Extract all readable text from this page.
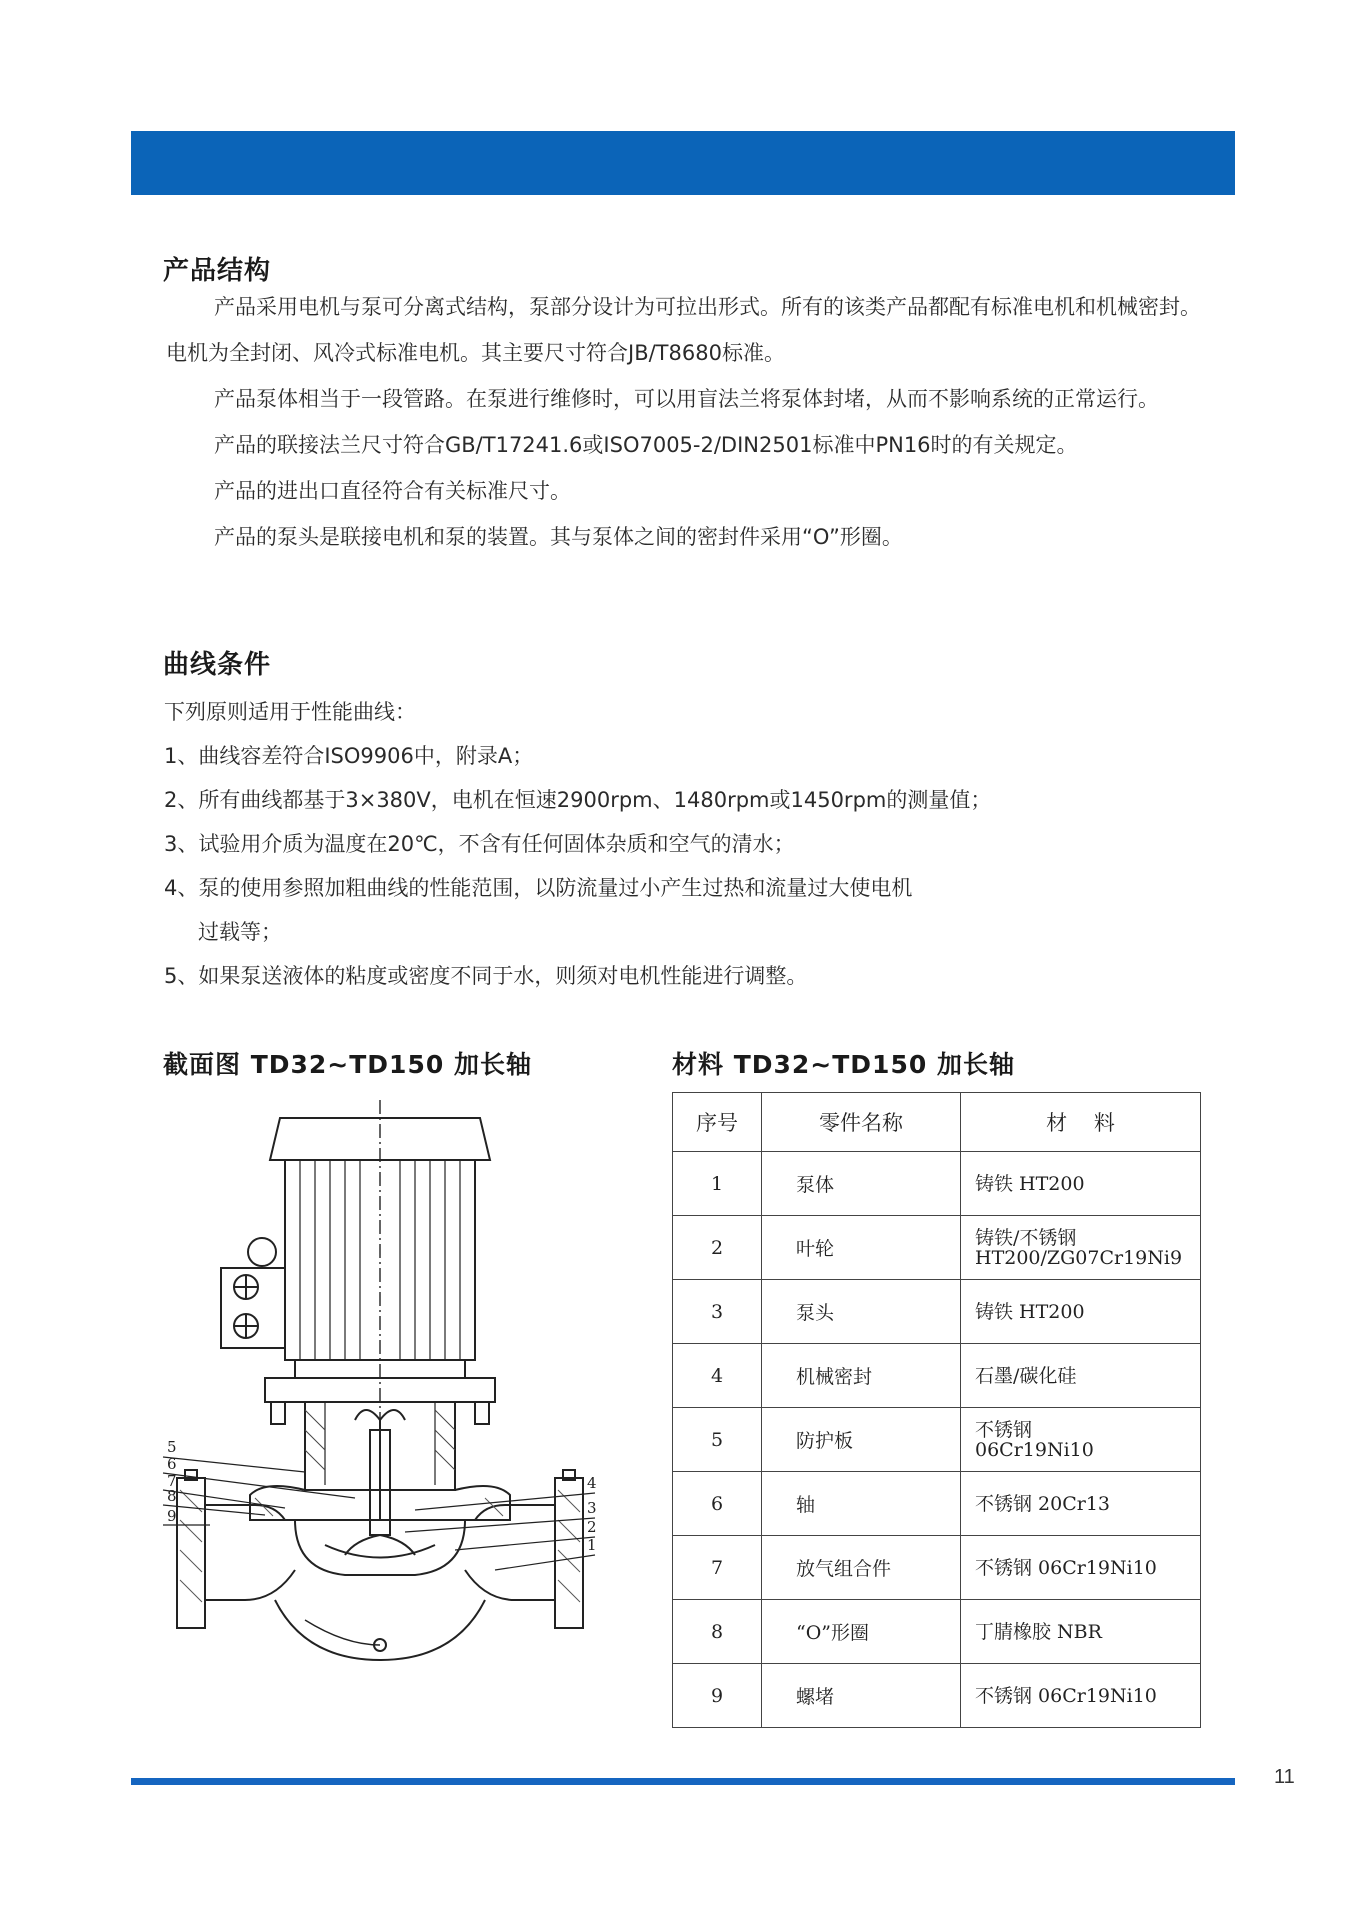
产品结构

产品采用电机与泵可分离式结构，泵部分设计为可拉出形式。所有的该类产品都配有标准电机和机械密封。电机为全封闭、风冷式标准电机。其主要尺寸符合JB/T8680标准。

产品泵体相当于一段管路。在泵进行维修时，可以用盲法兰将泵体封堵，从而不影响系统的正常运行。

产品的联接法兰尺寸符合GB/T17241.6或ISO7005-2/DIN2501标准中PN16时的有关规定。

产品的进出口直径符合有关标准尺寸。

产品的泵头是联接电机和泵的装置。其与泵体之间的密封件采用“O”形圈。

曲线条件

下列原则适用于性能曲线：

1、曲线容差符合ISO9906中，附录A；

2、所有曲线都基于3×380V，电机在恒速2900rpm、1480rpm或1450rpm的测量值；

3、试验用介质为温度在20℃，不含有任何固体杂质和空气的清水；

4、泵的使用参照加粗曲线的性能范围，以防流量过小产生过热和流量过大使电机

过载等；

5、如果泵送液体的粘度或密度不同于水，则须对电机性能进行调整。

截面图 TD32~TD150 加长轴	材料 TD32~TD150 加长轴
5
6
7
8
9
4
3
2
1
序号	零件名称	材    料
1	泵体	铸铁 HT200
2	叶轮	铸铁/不锈钢
HT200/ZG07Cr19Ni9
3	泵头	铸铁 HT200
4	机械密封	石墨/碳化硅
5	防护板	不锈钢
06Cr19Ni10
6	轴	不锈钢 20Cr13
7	放气组合件	不锈钢 06Cr19Ni10
8	“O”形圈	丁腈橡胶 NBR
9	螺堵	不锈钢 06Cr19Ni10
11
